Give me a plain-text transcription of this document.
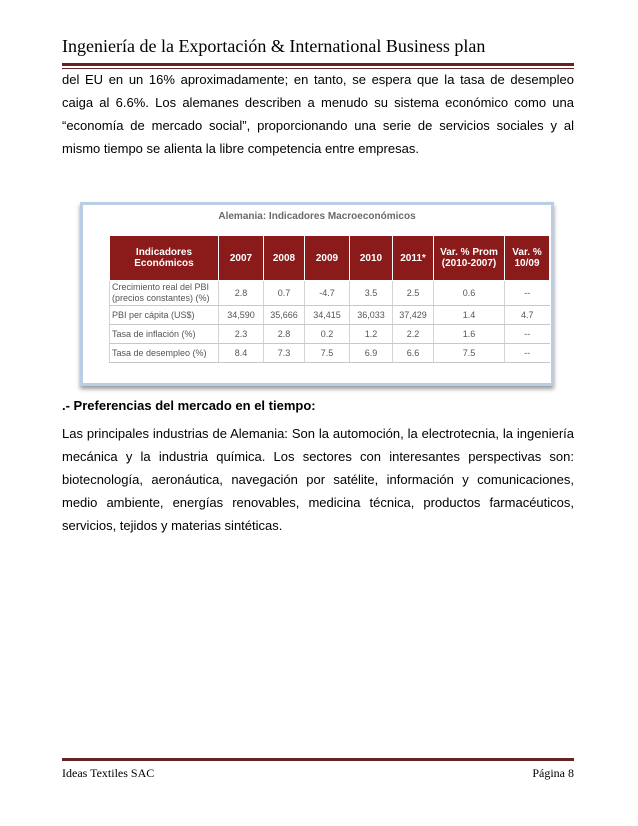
Ingeniería de la Exportación & International Business plan

del EU en un 16% aproximadamente; en tanto, se espera que la tasa de desempleo caiga al 6.6%. Los alemanes describen a menudo su sistema económico como una “economía de mercado social”, proporcionando una serie de servicios sociales y al mismo tiempo se alienta la libre competencia entre empresas.

Alemania: Indicadores Macroeconómicos
Indicadores Económicos	2007	2008	2009	2010	2011*	Var. % Prom (2010-2007)	Var. % 10/09
Crecimiento real del PBI (precios constantes) (%)	2.8	0.7	-4.7	3.5	2.5	0.6	--
PBI per cápita (US$)	34,590	35,666	34,415	36,033	37,429	1.4	4.7
Tasa de inflación (%)	2.3	2.8	0.2	1.2	2.2	1.6	--
Tasa de desempleo (%)	8.4	7.3	7.5	6.9	6.6	7.5	--
.- Preferencias del mercado en el tiempo:

Las principales industrias de Alemania: Son la automoción, la electrotecnia, la ingeniería mecánica y la industria química. Los sectores con interesantes perspectivas son: biotecnología, aeronáutica, navegación por satélite, información y comunicaciones, medio ambiente, energías renovables, medicina técnica, productos farmacéuticos, servicios, tejidos y materias sintéticas.

Ideas Textiles SAC	Página 8
